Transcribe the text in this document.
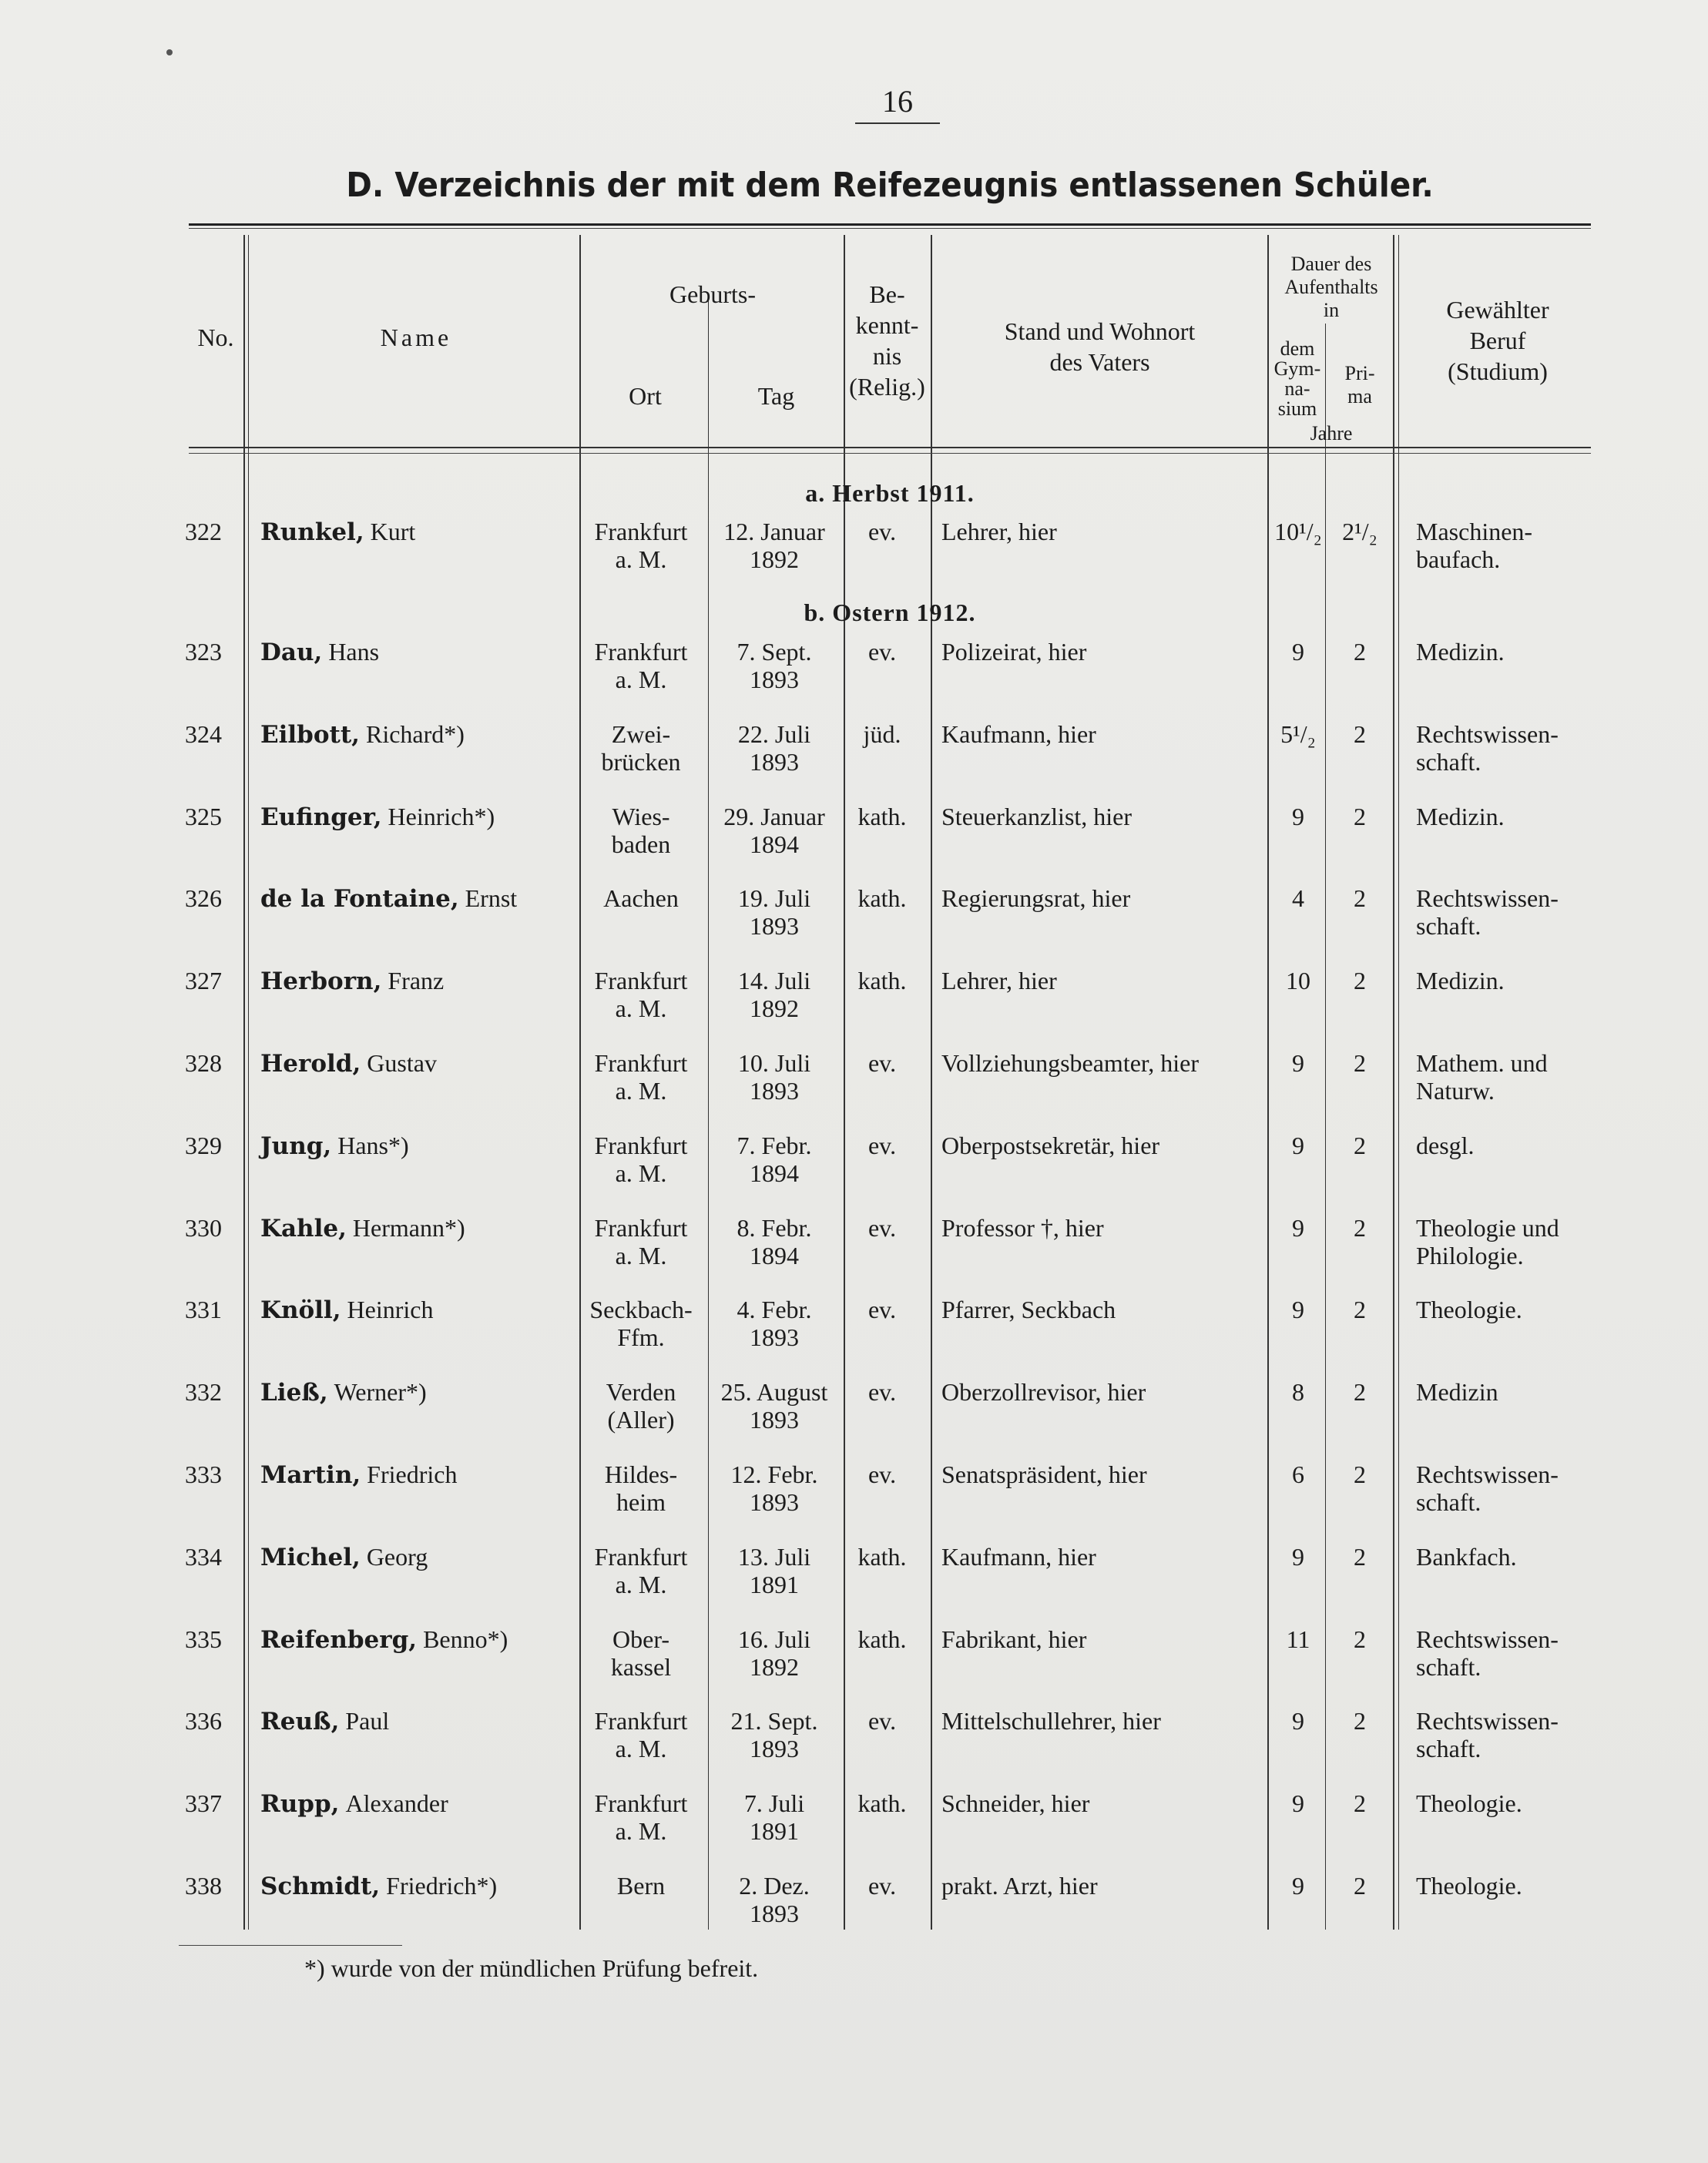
16
D. Verzeichnis der mit dem Reifezeugnis entlassenen Schüler.
No.	Name
Geburts-
Ort	Tag
Be-
kennt-
nis
(Relig.)
Stand und Wohnort
des Vaters
Dauer des
Aufenthalts
in
dem
Gym-
na-
sium
Pri-
ma
Jahre
Gewählter
Beruf
(Studium)
a. Herbst 1911.
b. Ostern 1912.
322	Runkel, Kurt	Frankfurt
a. M.
12. Januar
1892
ev.	Lehrer, hier	10¹/₂ 2¹/₂	Maschinen-
baufach.
323	Dau, Hans	Frankfurt
a. M.
7. Sept.
1893
ev.	Polizeirat, hier	9	2	Medizin.
324	Eilbott, Richard*)	Zwei-
brücken
22. Juli
1893
jüd.	Kaufmann, hier	5¹/₂	2	Rechtswissen-
schaft.
325	Eufinger, Heinrich*)	Wies-
baden
29. Januar
1894
kath.	Steuerkanzlist, hier	9	2	Medizin.
326	de la Fontaine, Ernst	Aachen	19. Juli
1893
kath.	Regierungsrat, hier	4	2	Rechtswissen-
schaft.
327	Herborn, Franz	Frankfurt
a. M.
14. Juli
1892
kath.	Lehrer, hier	10	2	Medizin.
328	Herold, Gustav	Frankfurt
a. M.
10. Juli
1893
ev.	Vollziehungsbeamter, hier	9	2	Mathem. und
Naturw.
329	Jung, Hans*)	Frankfurt
a. M.
7. Febr.
1894
ev.	Oberpostsekretär, hier	9	2	desgl.
330	Kahle, Hermann*)	Frankfurt
a. M.
8. Febr.
1894
ev.	Professor †, hier	9	2	Theologie und
Philologie.
331	Knöll, Heinrich	Seckbach-
Ffm.
4. Febr.
1893
ev.	Pfarrer, Seckbach	9	2	Theologie.
332	Ließ, Werner*)	Verden
(Aller)
25. August
1893
ev.	Oberzollrevisor, hier	8	2	Medizin
333	Martin, Friedrich	Hildes-
heim
12. Febr.
1893
ev.	Senatspräsident, hier	6	2	Rechtswissen-
schaft.
334	Michel, Georg	Frankfurt
a. M.
13. Juli
1891
kath.	Kaufmann, hier	9	2	Bankfach.
335	Reifenberg, Benno*)	Ober-
kassel
16. Juli
1892
kath.	Fabrikant, hier	11	2	Rechtswissen-
schaft.
336	Reuß, Paul	Frankfurt
a. M.
21. Sept.
1893
ev.	Mittelschullehrer, hier	9	2	Rechtswissen-
schaft.
337	Rupp, Alexander	Frankfurt
a. M.
7. Juli
1891
kath.	Schneider, hier	9	2	Theologie.
338	Schmidt, Friedrich*)	Bern	2. Dez.
1893
ev.	prakt. Arzt, hier	9	2	Theologie.
*) wurde von der mündlichen Prüfung befreit.
